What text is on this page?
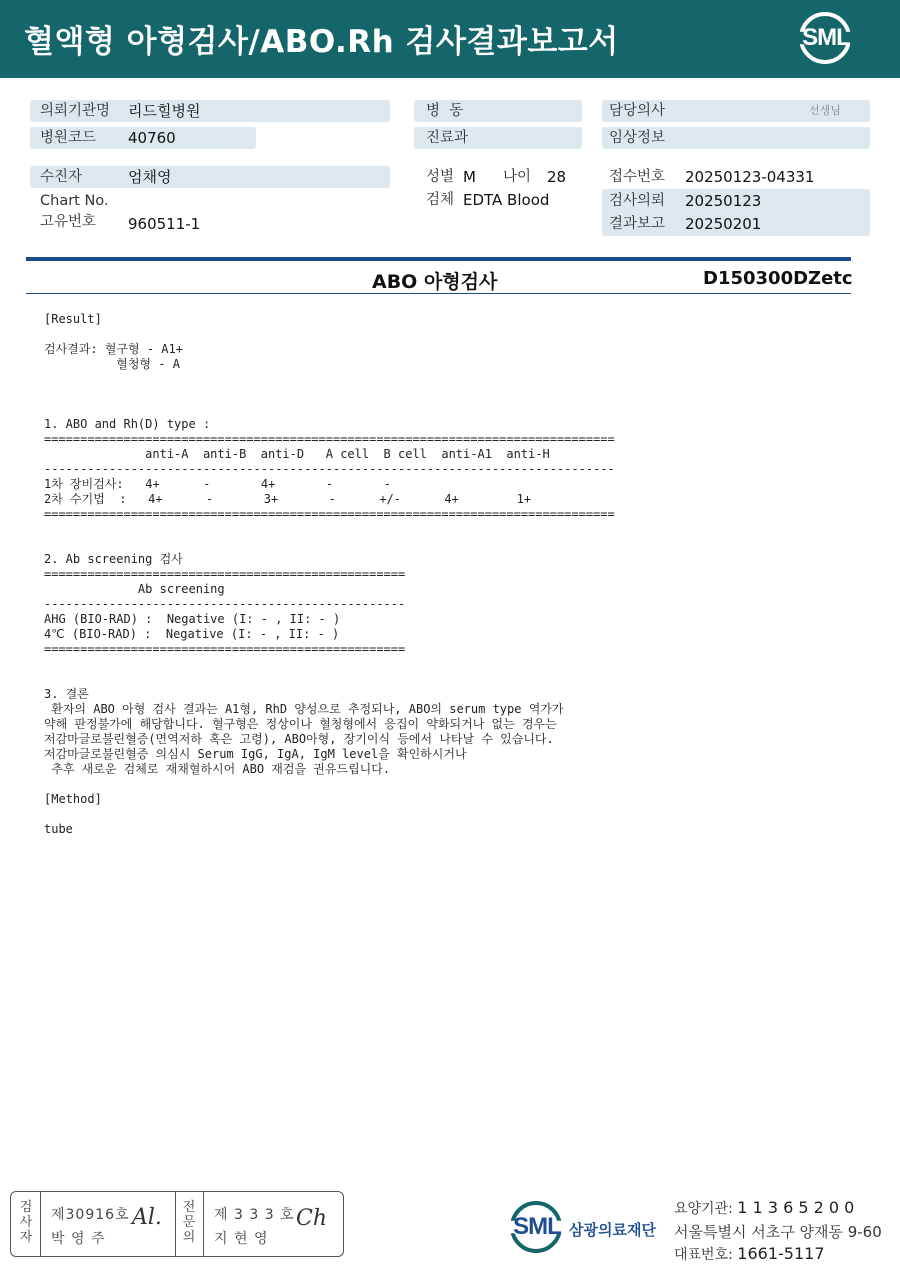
혈액형 아형검사/ABO.Rh 검사결과보고서	SML
의뢰기관명 리드힐병원
병원코드 40760
수진자	엄채영
Chart No.
고유번호 960511-1
병  동
진료과
성별 M 나이 28
검체 EDTA Blood
담당의사	선생님
임상정보
접수번호 20250123-04331
검사의뢰 20250123
결과보고 20250201
ABO 아형검사	D150300DZetc
[Result]

검사결과: 혈구형 - A1+
혈청형 - A

1. ABO and Rh(D) type :
===============================================================================
anti-A  anti-B  anti-D   A cell  B cell  anti-A1  anti-H
-------------------------------------------------------------------------------
1차 장비검사:   4+      -       4+       -       -
2차 수기법  :   4+      -       3+       -      +/-      4+        1+
===============================================================================

2. Ab screening 검사
==================================================
Ab screening
--------------------------------------------------
AHG (BIO-RAD) :  Negative (I: - , II: - )
4℃ (BIO-RAD) :  Negative (I: - , II: - )
==================================================

3. 결론
환자의 ABO 아형 검사 결과는 A1형, RhD 양성으로 추정되나, ABO의 serum type 역가가
약해 판정불가에 해당합니다. 혈구형은 정상이나 혈청형에서 응집이 약화되거나 없는 경우는
저감마글로불린혈증(면역저하 혹은 고령), ABO아형, 장기이식 등에서 나타날 수 있습니다.
저감마글로불린혈증 의심시 Serum IgG, IgA, IgM level을 확인하시거나
추후 새로운 검체로 재채혈하시어 ABO 재검을 권유드립니다.

[Method]

tube
검
사
자
제30916호
박 영 주
Al.	전
문
의
제 3 3 3 호
지 현 영
Ch	SML 삼광의료재단
요양기관: 1 1 3 6 5 2 0 0
서울특별시 서초구 양재동 9-60
대표번호: 1661-5117
